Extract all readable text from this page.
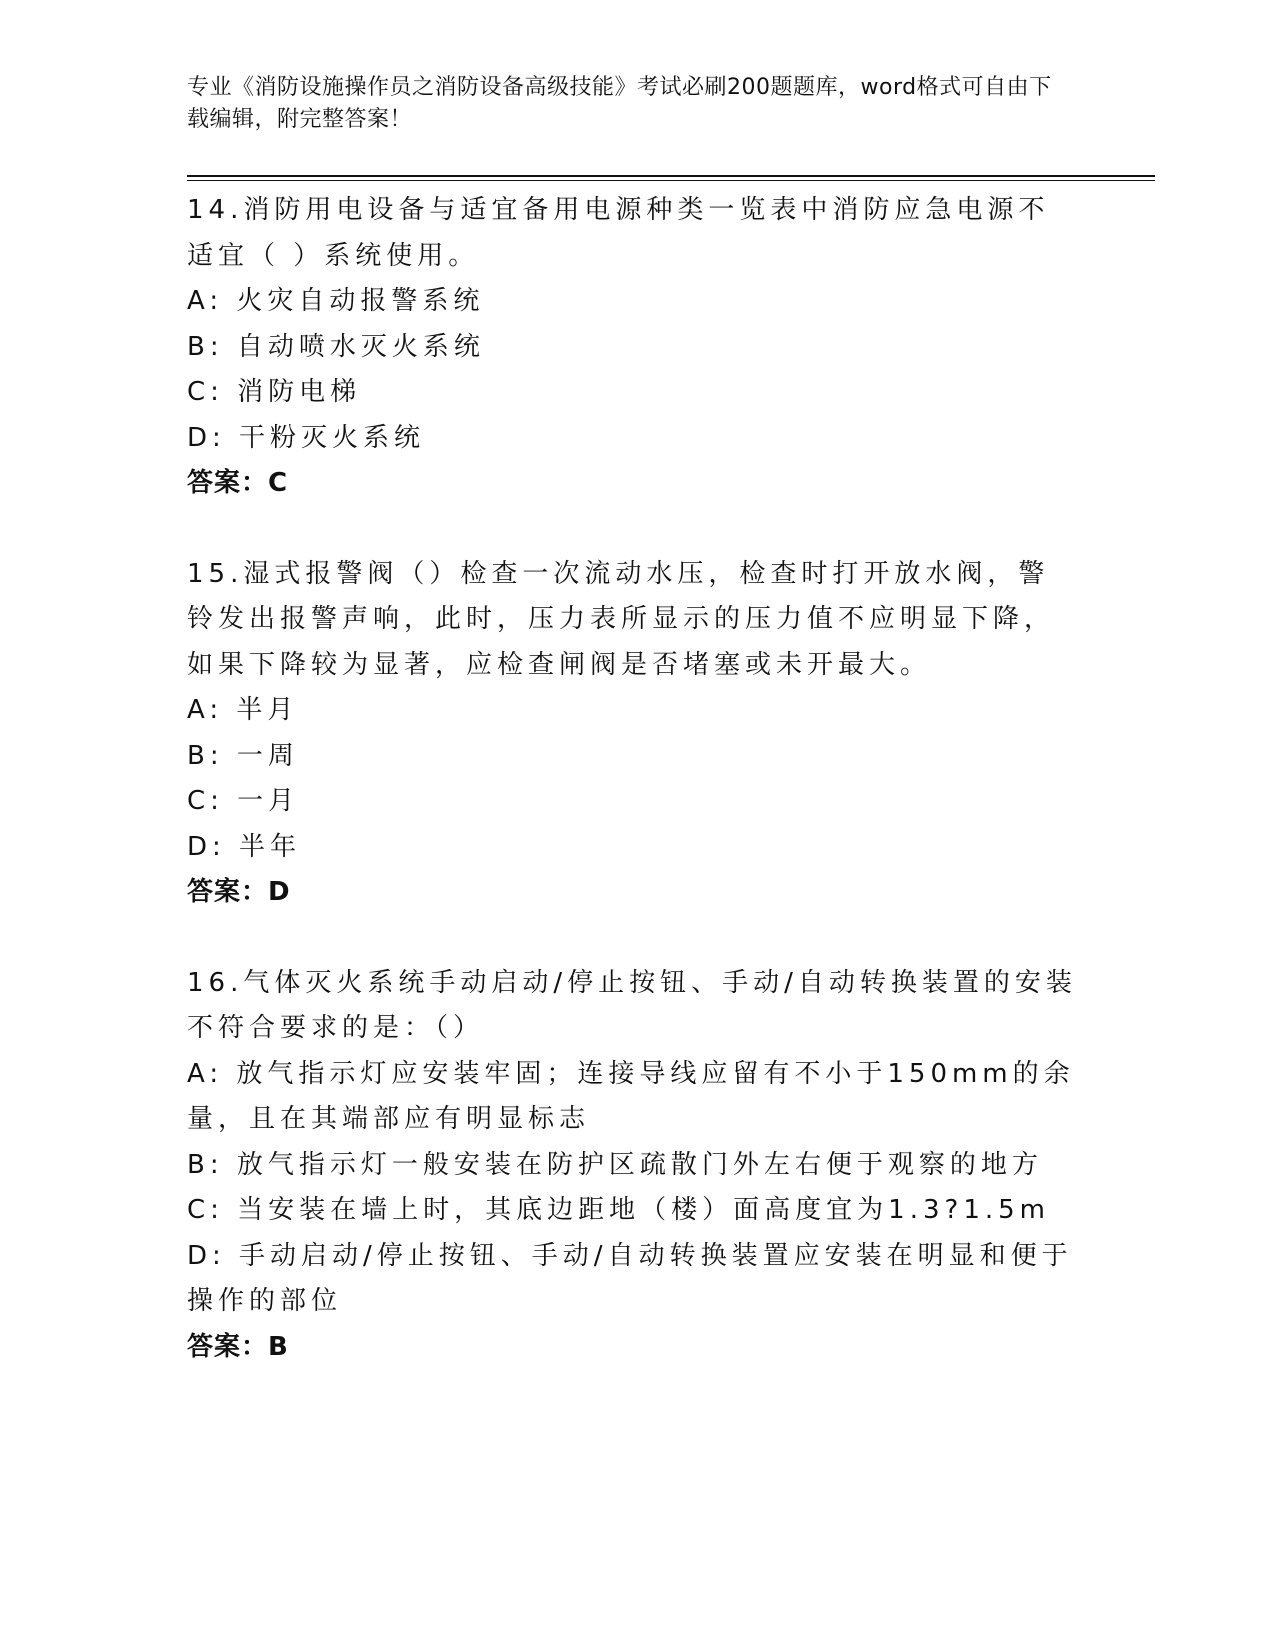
专业《消防设施操作员之消防设备高级技能》考试必刷200题题库，word格式可自由下载编辑，附完整答案！
14.消防用电设备与适宜备用电源种类一览表中消防应急电源不适宜（ ）系统使用。
A: 火灾自动报警系统
B: 自动喷水灭火系统
C: 消防电梯
D: 干粉灭火系统
答案：C
15.湿式报警阀（）检查一次流动水压，检查时打开放水阀，警铃发出报警声响，此时，压力表所显示的压力值不应明显下降，如果下降较为显著，应检查闸阀是否堵塞或未开最大。
A: 半月
B: 一周
C: 一月
D: 半年
答案：D
16.气体灭火系统手动启动/停止按钮、手动/自动转换装置的安装不符合要求的是：（）
A: 放气指示灯应安装牢固；连接导线应留有不小于150mm的余量，且在其端部应有明显标志
B: 放气指示灯一般安装在防护区疏散门外左右便于观察的地方
C: 当安装在墙上时，其底边距地（楼）面高度宜为1.3?1.5m
D: 手动启动/停止按钮、手动/自动转换装置应安装在明显和便于操作的部位
答案：B
